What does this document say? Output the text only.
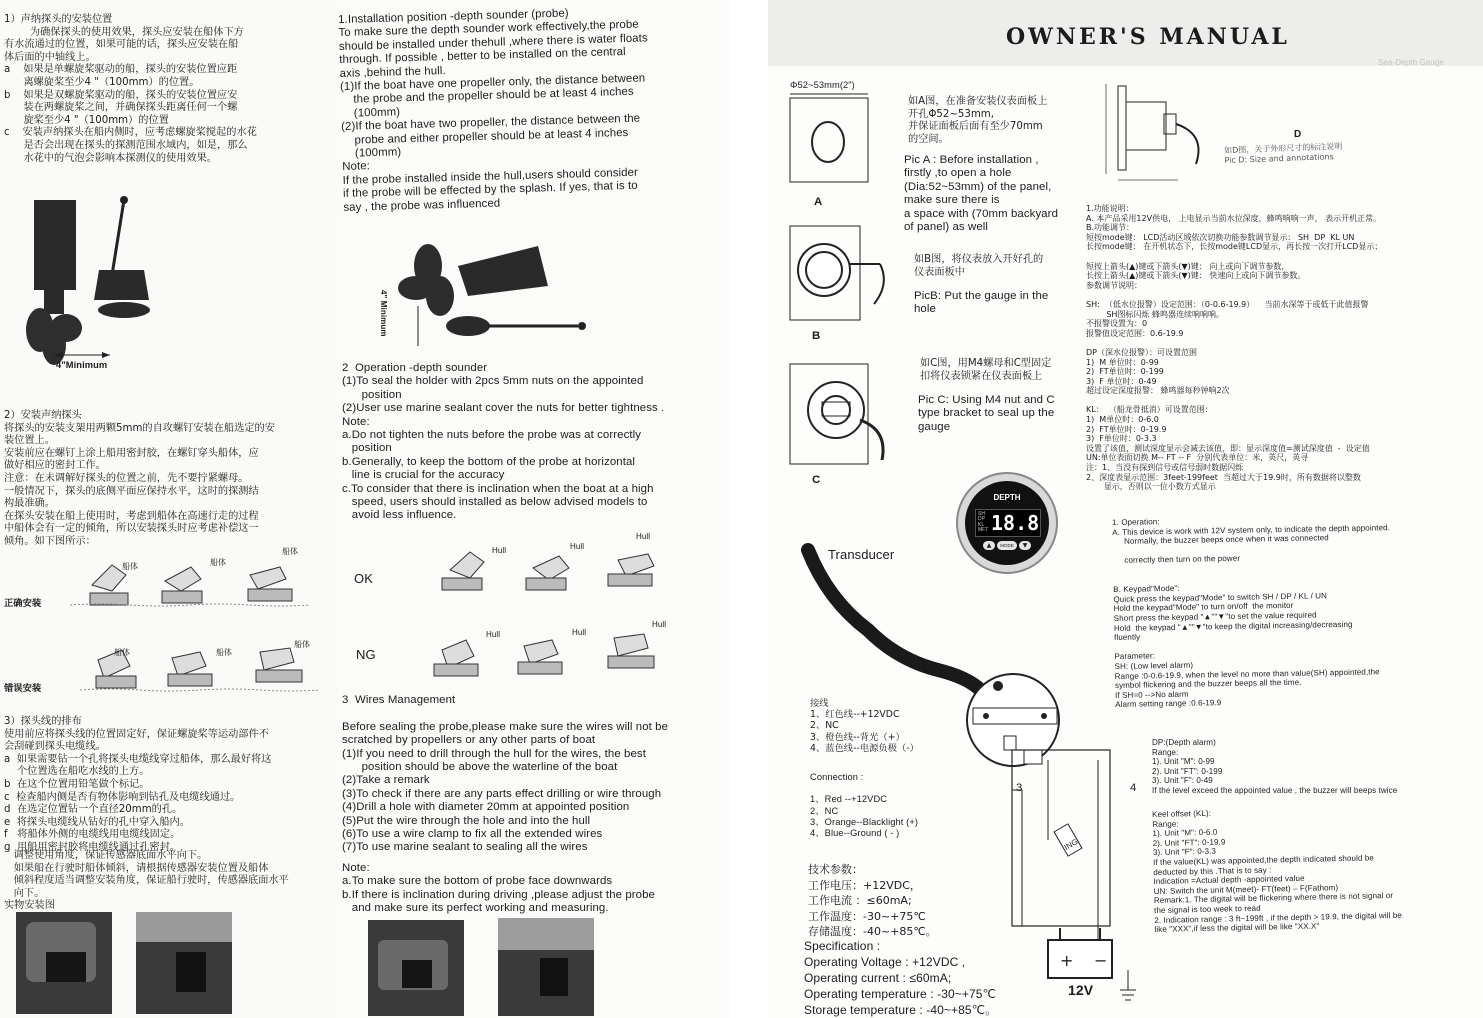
1）声纳探头的安装位置
为确保探头的使用效果，探头应安装在船体下方
有水流通过的位置，如果可能的话，探头应安装在船
体后面的中轴线上。
a    如果是单螺旋桨驱动的船，探头的安装位置应距
离螺旋桨至少4 "（100mm）的位置。
b    如果是双螺旋桨驱动的船，探头的安装位置应安
装在两螺旋桨之间，并确保探头距离任何一个螺
旋桨至少4 "（100mm）的位置
c    安装声纳探头在船内侧时，应考虑螺旋桨搅起的水花
是否会出现在探头的探测范围水域内，如是，那么
水花中的气泡会影响本探测仪的使用效果。
4"Minimum
2）安装声纳探头
将探头的安装支架用两颗5mm的自攻螺钉安装在船选定的安
装位置上。
安装前应在螺钉上涂上船用密封胶，在螺钉穿头船体，应
做好相应的密封工作。
注意：在未调解好探头的位置之前，先不要拧紧螺母。
一般情况下，探头的底侧平面应保持水平，这时的探测结
构最准确。
在探头安装在船上使用时，考虑到船体在高速行走的过程
中船体会有一定的倾角，所以安装探头时应考虑补偿这一
倾角。如下图所示：
正确安装
船体	船体
船体
错误安装
船体	船体
船体
3）探头线的排布
使用前应将探头线的位置固定好，保证螺旋桨等运动部件不
会刮碰到探头电缆线。
a  如果需要钻一个孔将探头电缆线穿过船体，那么最好将这
个位置选在船吃水线的上方。
b  在这个位置用铅笔做个标记。
c  检查船内侧是否有物体影响到钻孔及电缆线通过。
d  在选定位置钻一个直径20mm的孔。
e  将探头电缆线从钻好的孔中穿入船内。
f   将船体外侧的电缆线用电缆线固定。
g  用船用密封胶将电缆线通过孔密封。
调整使用角度，保证传感器底面水平向下。
如果船在行驶时船体倾斜，请根据传感器安装位置及船体
倾斜程度适当调整安装角度，保证船行驶时，传感器底面水平
向下。
实物安装图
1.Installation position -depth sounder (probe)
To make sure the depth sounder work effectively,the probe
should be installed under thehull ,where there is water floats
through. If possible , better to be installed on the central
axis ,behind the hull.
(1)If the boat have one propeller only, the distance between
the probe and the propeller should be at least 4 inches
(100mm)
(2)If the boat have two propeller, the distance between the
probe and either propeller should be at least 4 inches
(100mm)
Note:
If the probe installed inside the hull,users should consider
if the probe will be effected by the splash. If yes, that is to
say , the probe was influenced
4" Minimum
2  Operation -depth sounder
(1)To seal the holder with 2pcs 5mm nuts on the appointed
position
(2)User use marine sealant cover the nuts for better tightness .
Note:
a.Do not tighten the nuts before the probe was at correctly
position
b.Generally, to keep the bottom of the probe at horizontal
line is crucial for the accuracy
c.To consider that there is inclination when the boat at a high
speed, users should installed as below advised models to
avoid less influence.
OK
Hull	Hull
Hull
NG
Hull	Hull
Hull
3  Wires Management

Before sealing the probe,please make sure the wires will not be
scratched by propellers or any other parts of boat
(1)If you need to drill through the hull for the wires, the best
position should be above the waterline of the boat
(2)Take a remark
(3)To check if there are any parts effect drilling or wire through
(4)Drill a hole with diameter 20mm at appointed position
(5)Put the wire through the hole and into the hull
(6)To use a wire clamp to fix all the extended wires
(7)To use marine sealant to sealing all the wires
Note:
a.To make sure the bottom of probe face downwards
b.If there is inclination during driving ,please adjust the probe
and make sure its perfect working and measuring.
OWNER'S MANUAL
Sea-Depth Gauge
Φ52~53mm(2")
A
如A图，在准备安装仪表面板上
开孔Φ52~53mm,
并保证面板后面有至少70mm
的空间。
Pic A : Before installation ,
firstly ,to open a hole
(Dia:52~53mm) of the panel,
make sure there is
a space with (70mm backyard
of panel) as well
B
如B图，将仪表放入开好孔的
仪表面板中
PicB: Put the gauge in the
hole
C
如C图，用M4螺母和C型固定
扣将仪表锁紧在仪表面板上
Pic C: Using M4 nut and C
type bracket to seal up the
gauge
D
如D图，关于外形尺寸的标注说明
Pic D: Size and annotations
DEPTH
SH
DP
KL
MFT 18.8
▲	MODE	▼
Transducer
+ −
3	4
ING
12V
接线
1、红色线--+12VDC
2、NC
3、橙色线--背光（+）
4、蓝色线--电源负极（-）
Connection :

1、Red --+12VDC
2、NC
3、Orange--Blacklight (+)
4、Blue--Ground ( - )
技术参数：
工作电压：+12VDC，
工作电流 ：≤60mA;
工作温度：-30~+75℃
存储温度：-40~+85℃。
Specification :
Operating Voltage : +12VDC ,
Operating current : ≤60mA;
Operating temperature : -30~+75℃
Storage temperature : -40~+85℃。
1.功能说明：
A. 本产品采用12V供电， 上电显示当前水位深度，蜂鸣响响一声， 表示开机正常。
B.功能调节：
短按mode键： LCD活动区域依次切换功能参数调节显示： SH  DP  KL UN
长按mode键： 在开机状态下，长按mode键LCD显示，再长按一次打开LCD显示；

短按上箭头(▲)键或下箭头(▼)键： 向上或向下调节参数，
长按上箭头(▲)键或下箭头(▼)键： 快速向上或向下调节参数。
参数调节说明：

SH:  （低水位报警）设定范围：（0-0.6-19.9）    当前水深等于或低于此值报警
SH图标闪烁 蜂鸣器连续响响响。
不报警设置为：0
报警值设定范围：0.6-19.9

DP（深水位报警）：可设置范围
1)  M 单位时：0-99
2)  FT单位时：0-199
3)  F 单位时：0-49
超过设定深度报警： 蜂鸣器每秒钟响2次

KL：  （船龙骨抵消）可设置范围：
1)  M单位时：0-6.0
2)  FT单位时：0-19.9
3)  F单位时：0-3.3
设置了该值，测试深度显示会减去该值，即：显示深度值=测试深度值  -  设定值
UN:单位表面切换 M-- FT -- F  分别代表单位：米，英尺，英寻
注：1、当没有探到信号或信号弱时数据闪烁
2、深度表显示范围：3feet-199feet  当超过大于19.9时，所有数据将以整数
显示，否则以一位小数方式显示
1. Operation:
A. This device is work with 12V system only, to indicate the depth appointed.
Normally, the buzzer beeps once when it was connected

correctly then turn on the power

B. Keypad"Mode":
Quick press the keypad"Mode" to switch SH / DP / KL / UN
Hold the keypad"Mode" to turn on/off  the monitor
Short press the keypad "▲""▼"to set the value required
Hold  the keypad "▲""▼"to keep the digital increasing/decreasing
fluently

Parameter:
SH: (Low level alarm)
Range :0-0.6-19.9, when the level no more than value(SH) appointed,the
symbol flickering and the buzzer beeps all the time.
If SH=0 -->No alarm
Alarm setting range :0.6-19.9
DP:(Depth alarm)
Range:
1). Unit "M": 0-99
2). Unit "FT": 0-199
3). Unit "F": 0-49
If the level exceed the appointed value , the buzzer will beeps twice
Keel offset (KL):
Range:
1). Unit "M": 0-6.0
2). Unit "FT": 0-19.9
3). Unit "F": 0-3.3
If the value(KL) was appointed,the depth indicated should be
deducted by this .That is to say :
Indication =Actual depth -appointed value
UN: Switch the unit M(meet)- FT(feet) – F(Fathom)
Remark:1. The digital will be flickering where there is not signal or
the signal is too week to read
2. Indication range : 3 ft~199ft , if the depth > 19.9, the digital will be
like "XXX",if less the digital will be like "XX.X"
